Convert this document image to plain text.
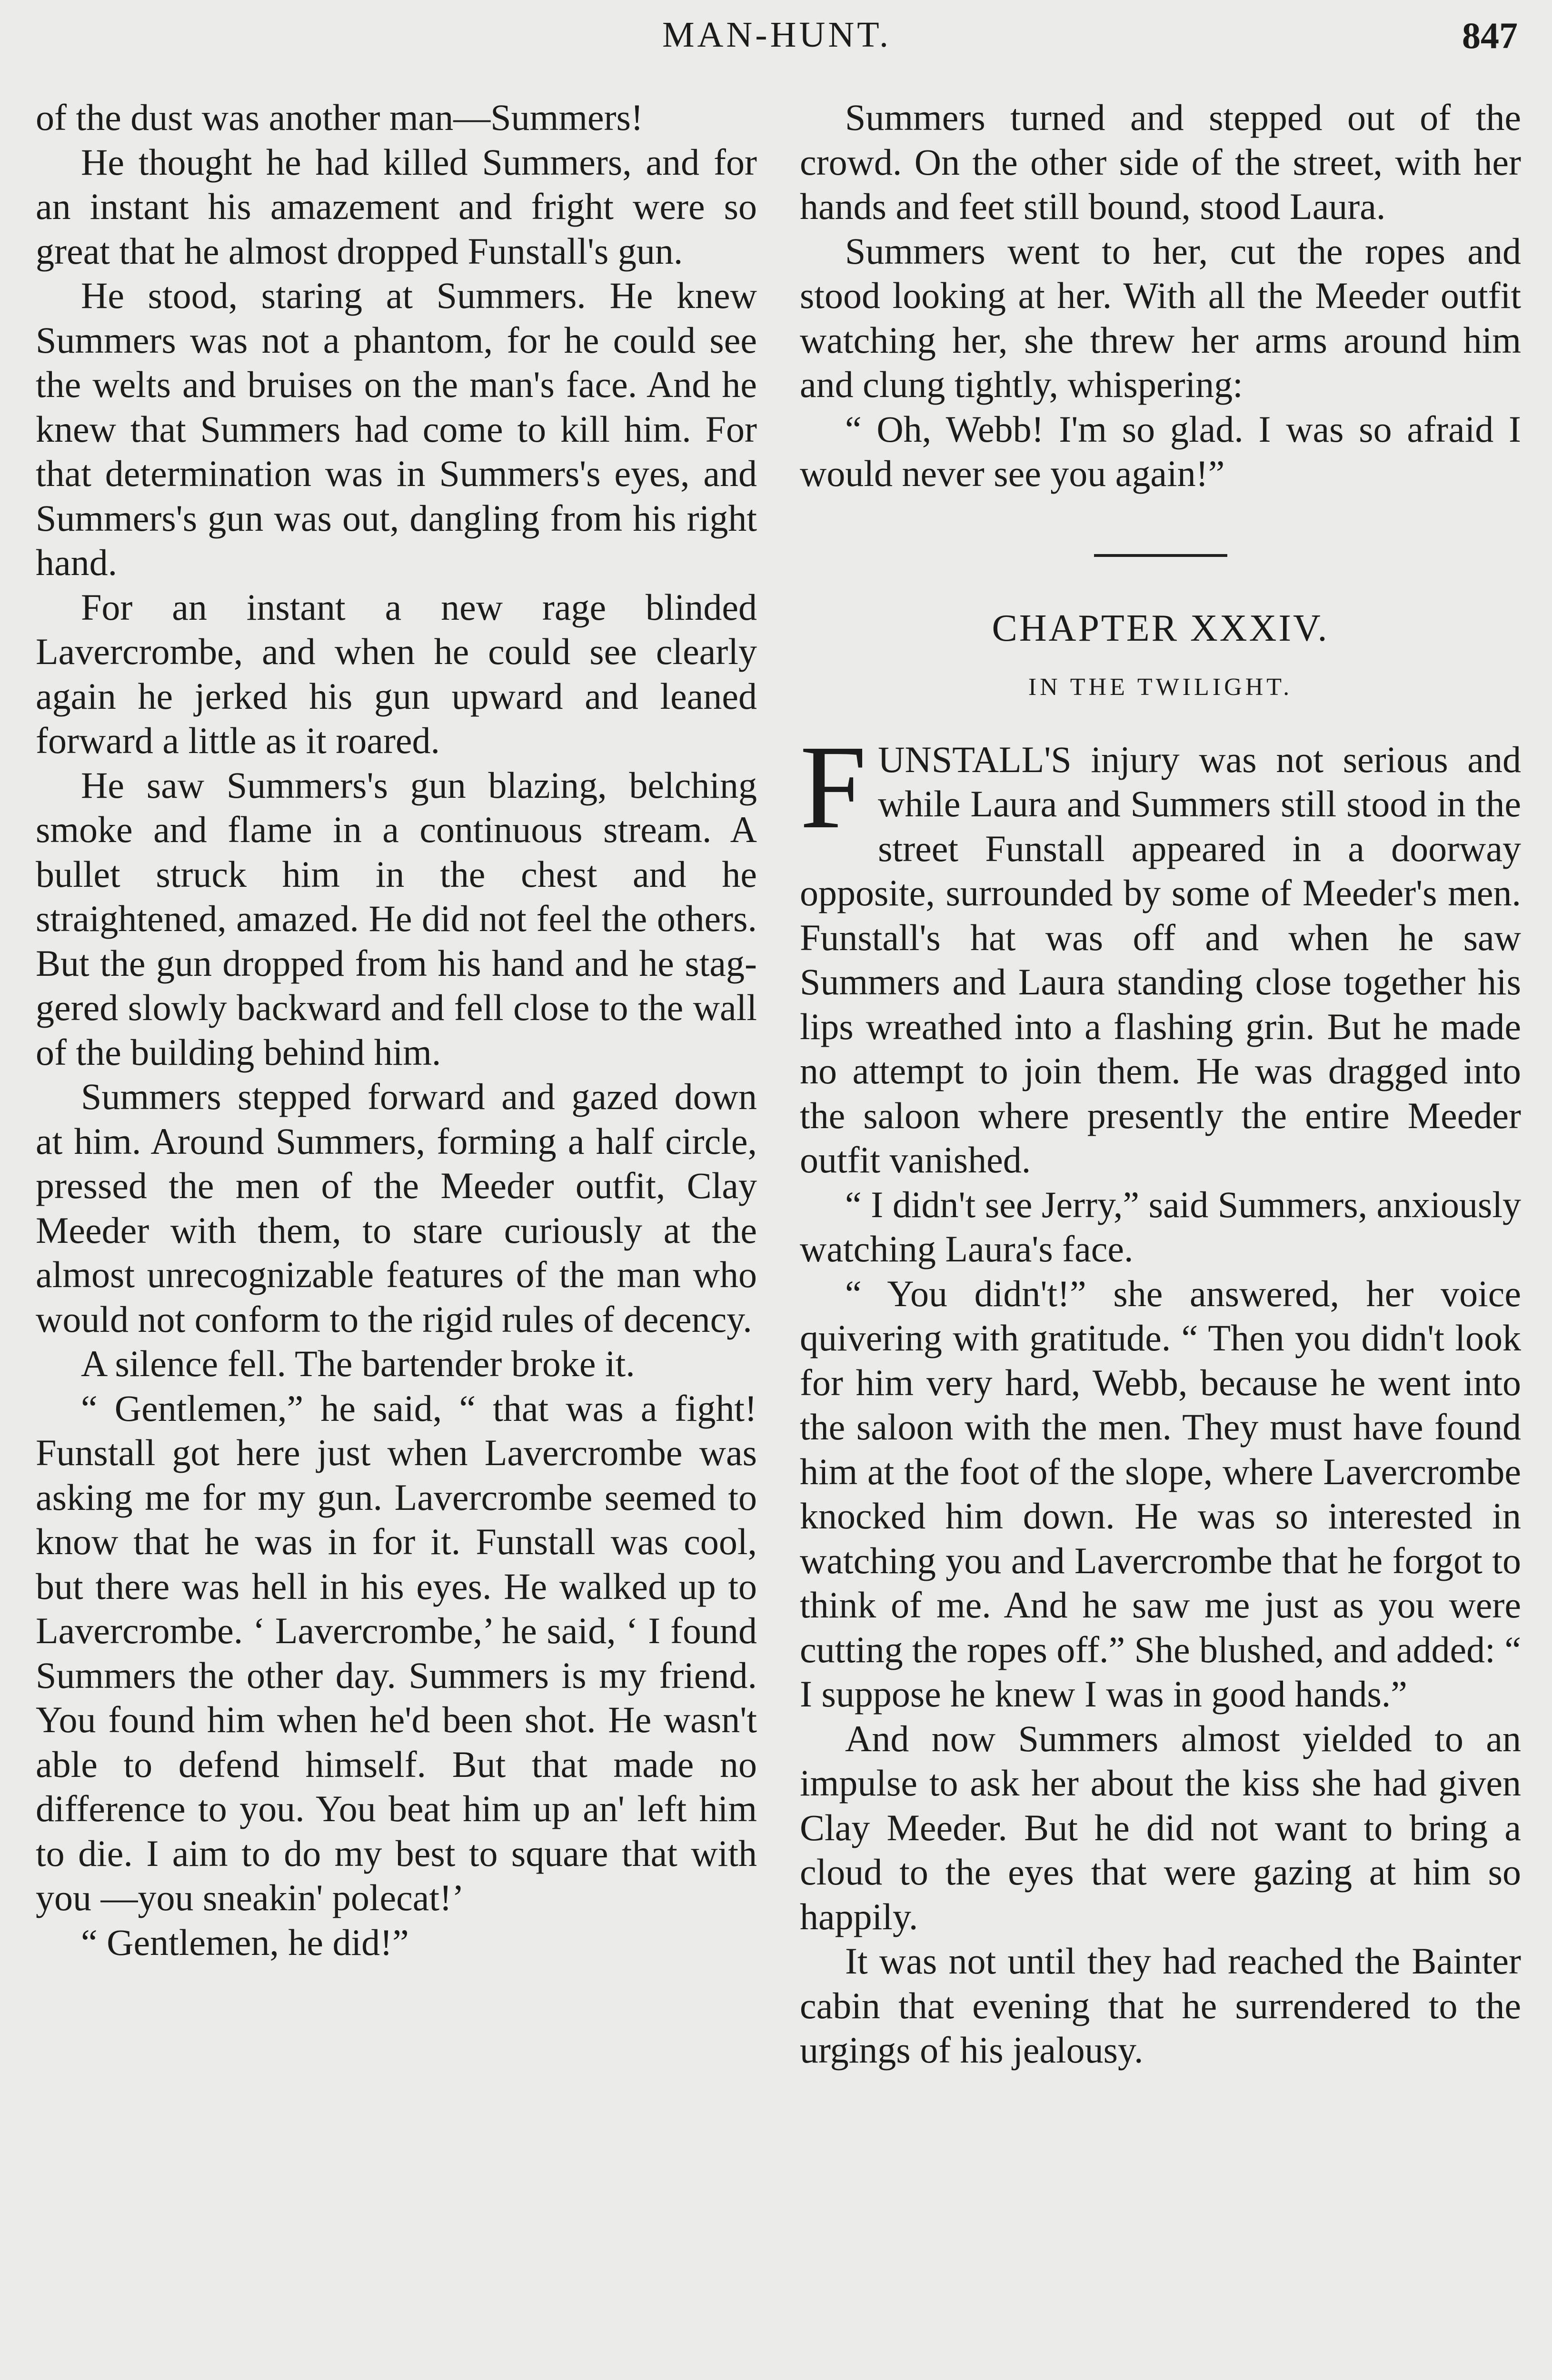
MAN-HUNT.	847

of the dust was another man—Summers!

He thought he had killed Summers, and for an instant his amazement and fright were so great that he almost dropped Funstall's gun.

He stood, staring at Summers. He knew Summers was not a phantom, for he could see the welts and bruises on the man's face. And he knew that Summers had come to kill him. For that determination was in Summers's eyes, and Summers's gun was out, dangling from his right hand.

For an instant a new rage blinded Lavercrombe, and when he could see clearly again he jerked his gun upward and leaned forward a little as it roared.

He saw Summers's gun blazing, belching smoke and flame in a continuous stream. A bullet struck him in the chest and he straightened, amazed. He did not feel the others. But the gun dropped from his hand and he staggered slowly backward and fell close to the wall of the building behind him.

Summers stepped forward and gazed down at him. Around Summers, forming a half circle, pressed the men of the Meeder outfit, Clay Meeder with them, to stare curiously at the almost unrecognizable features of the man who would not conform to the rigid rules of decency.

A silence fell. The bartender broke it.

“ Gentlemen,” he said, “ that was a fight! Funstall got here just when Lavercrombe was asking me for my gun. Lavercrombe seemed to know that he was in for it. Funstall was cool, but there was hell in his eyes. He walked up to Lavercrombe. ‘ Lavercrombe,’ he said, ‘ I found Summers the other day. Summers is my friend. You found him when he'd been shot. He wasn't able to defend himself. But that made no difference to you. You beat him up an' left him to die. I aim to do my best to square that with you —you sneakin' polecat!’

“ Gentlemen, he did!”

Summers turned and stepped out of the crowd. On the other side of the street, with her hands and feet still bound, stood Laura.

Summers went to her, cut the ropes and stood looking at her. With all the Meeder outfit watching her, she threw her arms around him and clung tightly, whispering:

“ Oh, Webb! I'm so glad. I was so afraid I would never see you again!”

CHAPTER XXXIV.
IN THE TWILIGHT.

FUNSTALL'S injury was not serious and while Laura and Summers still stood in the street Funstall appeared in a doorway opposite, surrounded by some of Meeder's men. Funstall's hat was off and when he saw Summers and Laura standing close together his lips wreathed into a flashing grin. But he made no attempt to join them. He was dragged into the saloon where presently the entire Meeder outfit vanished.

“ I didn't see Jerry,” said Summers, anxiously watching Laura's face.

“ You didn't!” she answered, her voice quivering with gratitude. “ Then you didn't look for him very hard, Webb, because he went into the saloon with the men. They must have found him at the foot of the slope, where Lavercrombe knocked him down. He was so interested in watching you and Lavercrombe that he forgot to think of me. And he saw me just as you were cutting the ropes off.” She blushed, and added: “ I suppose he knew I was in good hands.”

And now Summers almost yielded to an impulse to ask her about the kiss she had given Clay Meeder. But he did not want to bring a cloud to the eyes that were gazing at him so happily.

It was not until they had reached the Bainter cabin that evening that he surrendered to the urgings of his jealousy.
